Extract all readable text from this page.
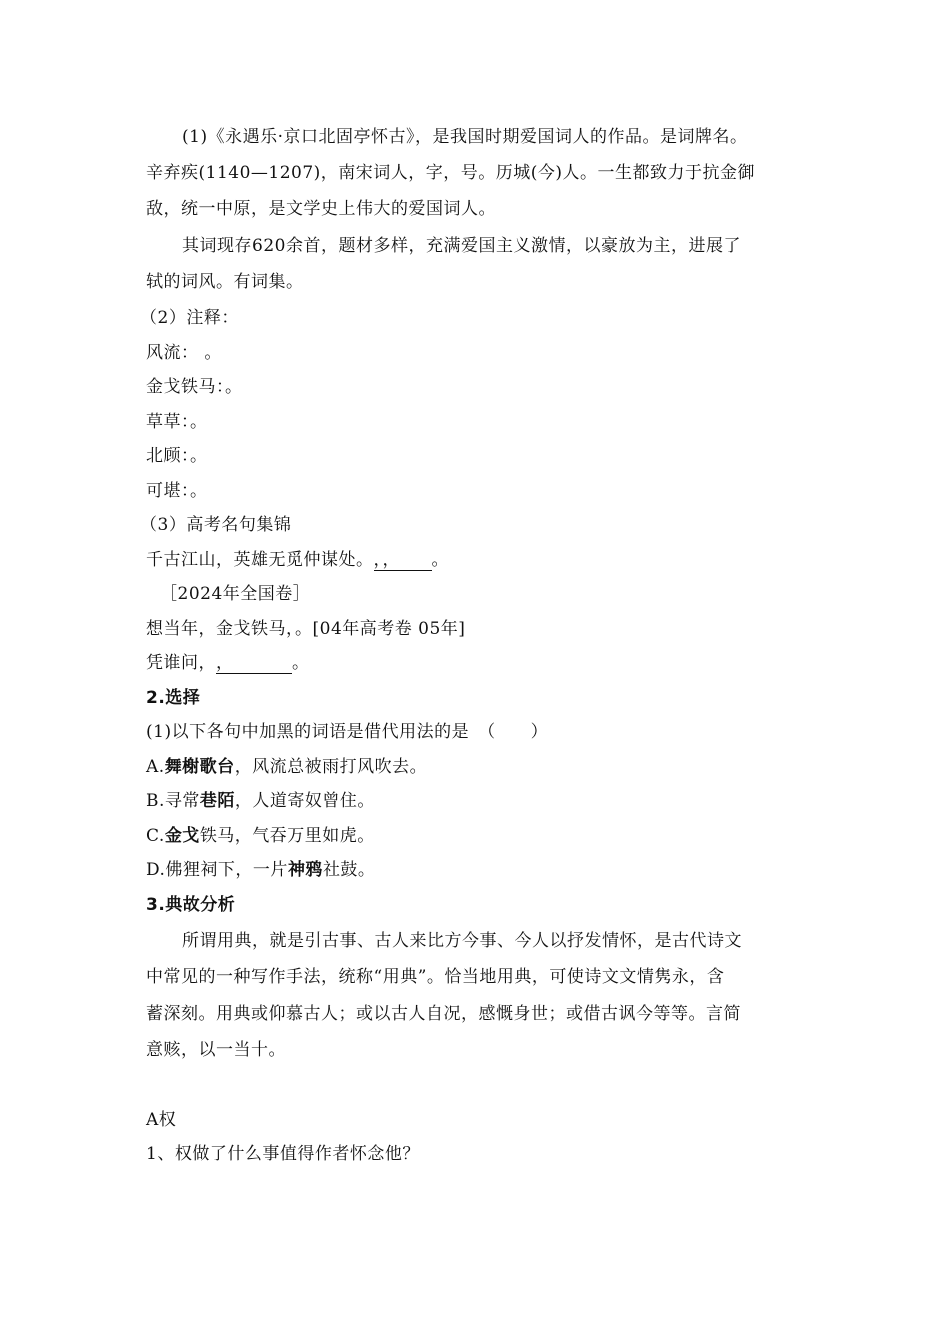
(1)《永遇乐·京口北固亭怀古》，是我国时期爱国词人的作品。是词牌名。
辛弃疾(1140—1207)，南宋词人，字，号。历城(今)人。一生都致力于抗金御
敌，统一中原，是文学史上伟大的爱国词人。
其词现存620余首，题材多样，充满爱国主义激情，以豪放为主，进展了
轼的词风。有词集。
（2）注释：
风流： 。
金戈铁马：。
草草：。
北顾：。
可堪：。
（3）高考名句集锦
千古江山，英雄无觅仲谋处。，， 。
［2024年全国卷］
想当年，金戈铁马，。[04年高考卷 05年]
凭谁问，，	。
2.选择
(1)以下各句中加黑的词语是借代用法的是　（　　）
A.舞榭歌台，风流总被雨打风吹去。
B.寻常巷陌，人道寄奴曾住。
C.金戈铁马，气吞万里如虎。
D.佛狸祠下，一片神鸦社鼓。
3.典故分析
所谓用典，就是引古事、古人来比方今事、今人以抒发情怀，是古代诗文
中常见的一种写作手法，统称“用典”。恰当地用典，可使诗文文情隽永，含
蓄深刻。用典或仰慕古人；或以古人自况，感慨身世；或借古讽今等等。言简
意赅，以一当十。
A权
1、权做了什么事值得作者怀念他？
